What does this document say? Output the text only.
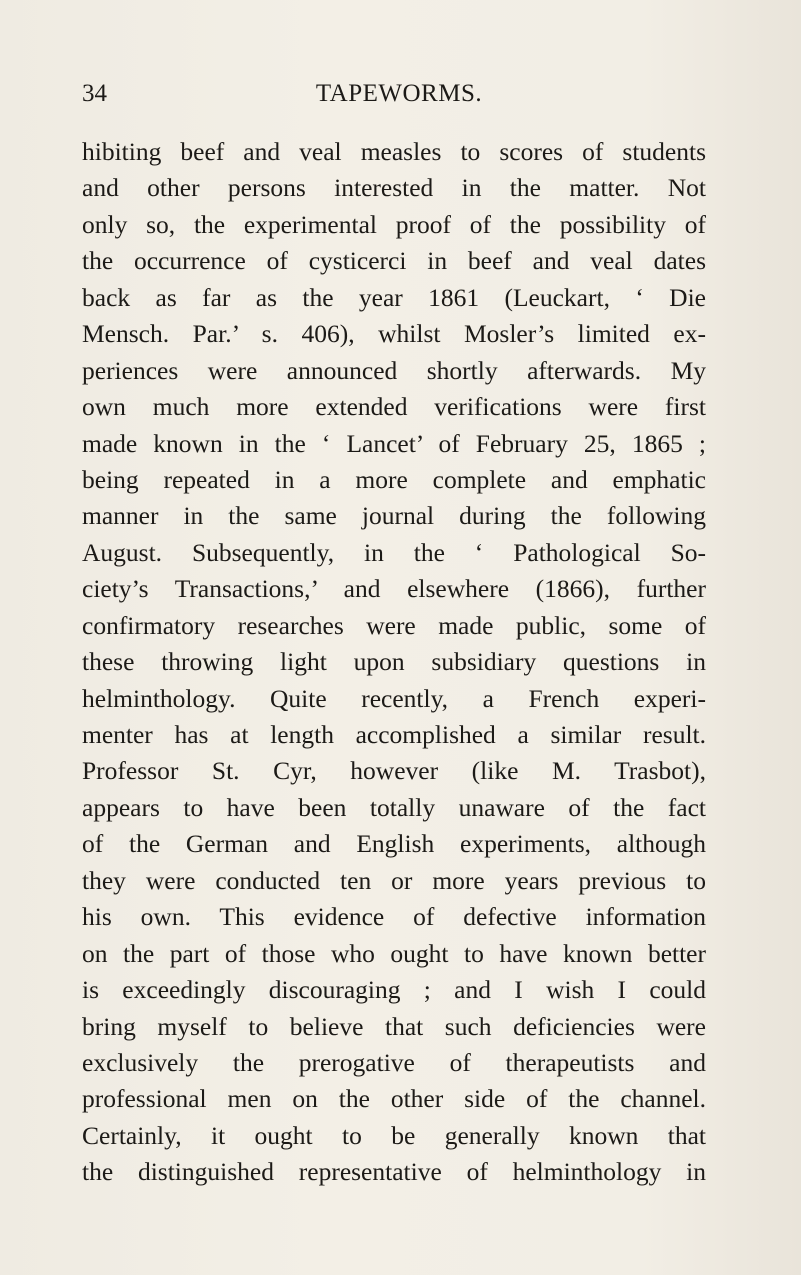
34	TAPEWORMS.
hibiting beef and veal measles to scores of students
and other persons interested in the matter. Not
only so, the experimental proof of the possibility of
the occurrence of cysticerci in beef and veal dates
back as far as the year 1861 (Leuckart, ‘ Die
Mensch. Par.’ s. 406), whilst Mosler’s limited ex-
periences were announced shortly afterwards. My
own much more extended verifications were first
made known in the ‘ Lancet’ of February 25, 1865 ;
being repeated in a more complete and emphatic
manner in the same journal during the following
August. Subsequently, in the ‘ Pathological So-
ciety’s Transactions,’ and elsewhere (1866), further
confirmatory researches were made public, some of
these throwing light upon subsidiary questions in
helminthology. Quite recently, a French experi-
menter has at length accomplished a similar result.
Professor St. Cyr, however (like M. Trasbot),
appears to have been totally unaware of the fact
of the German and English experiments, although
they were conducted ten or more years previous to
his own. This evidence of defective information
on the part of those who ought to have known better
is exceedingly discouraging ; and I wish I could
bring myself to believe that such deficiencies were
exclusively the prerogative of therapeutists and
professional men on the other side of the channel.
Certainly, it ought to be generally known that
the distinguished representative of helminthology in
